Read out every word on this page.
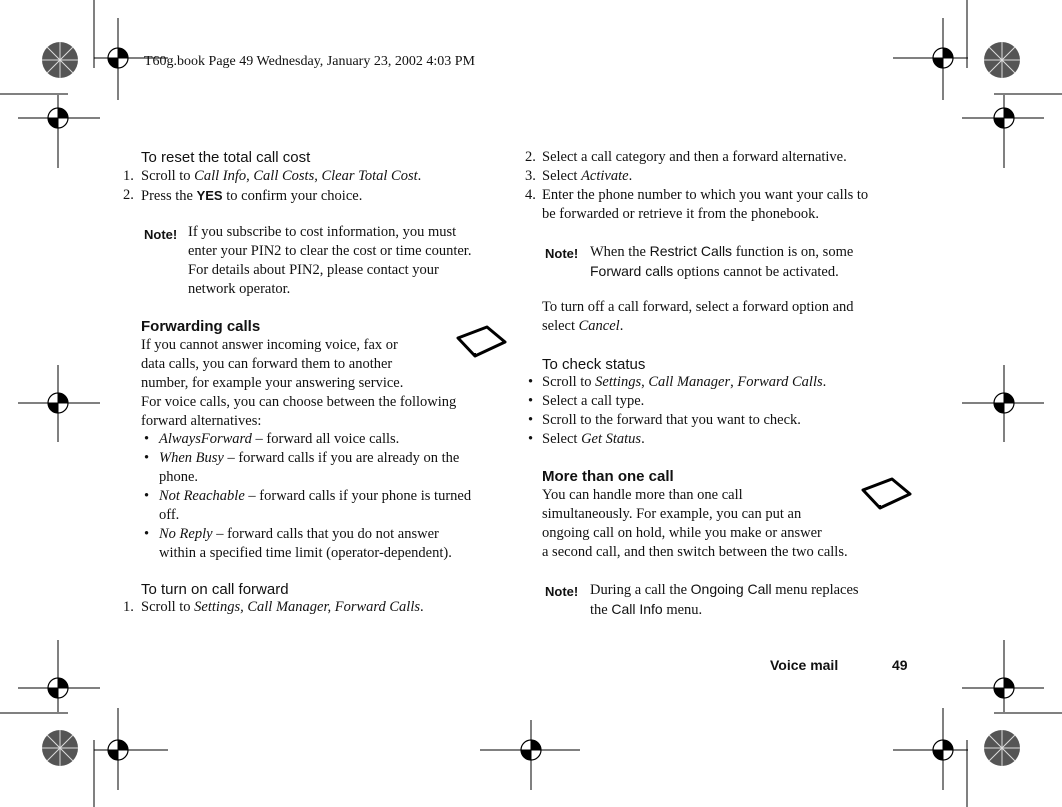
T60g.book Page 49 Wednesday, January 23, 2002 4:03 PM
To reset the total call cost
1. Scroll to Call Info, Call Costs, Clear Total Cost.
2. Press the YES to confirm your choice.
Note! If you subscribe to cost information, you must
enter your PIN2 to clear the cost or time counter.
For details about PIN2, please contact your
network operator.
Forwarding calls
If you cannot answer incoming voice, fax or
data calls, you can forward them to another
number, for example your answering service.
For voice calls, you can choose between the following
forward alternatives:
• AlwaysForward – forward all voice calls.
• When Busy – forward calls if you are already on the
phone.
• Not Reachable – forward calls if your phone is turned
off.
• No Reply – forward calls that you do not answer
within a specified time limit (operator-dependent).
To turn on call forward
1. Scroll to Settings, Call Manager, Forward Calls.
2. Select a call category and then a forward alternative.
3. Select Activate.
4. Enter the phone number to which you want your calls to
be forwarded or retrieve it from the phonebook.
Note! When the Restrict Calls function is on, some
Forward calls options cannot be activated.
To turn off a call forward, select a forward option and
select Cancel.
To check status
• Scroll to Settings, Call Manager, Forward Calls.
• Select a call type.
• Scroll to the forward that you want to check.
• Select Get Status.
More than one call
You can handle more than one call
simultaneously. For example, you can put an
ongoing call on hold, while you make or answer
a second call, and then switch between the two calls.
Note! During a call the Ongoing Call menu replaces
the Call Info menu.
Voice mail	49
